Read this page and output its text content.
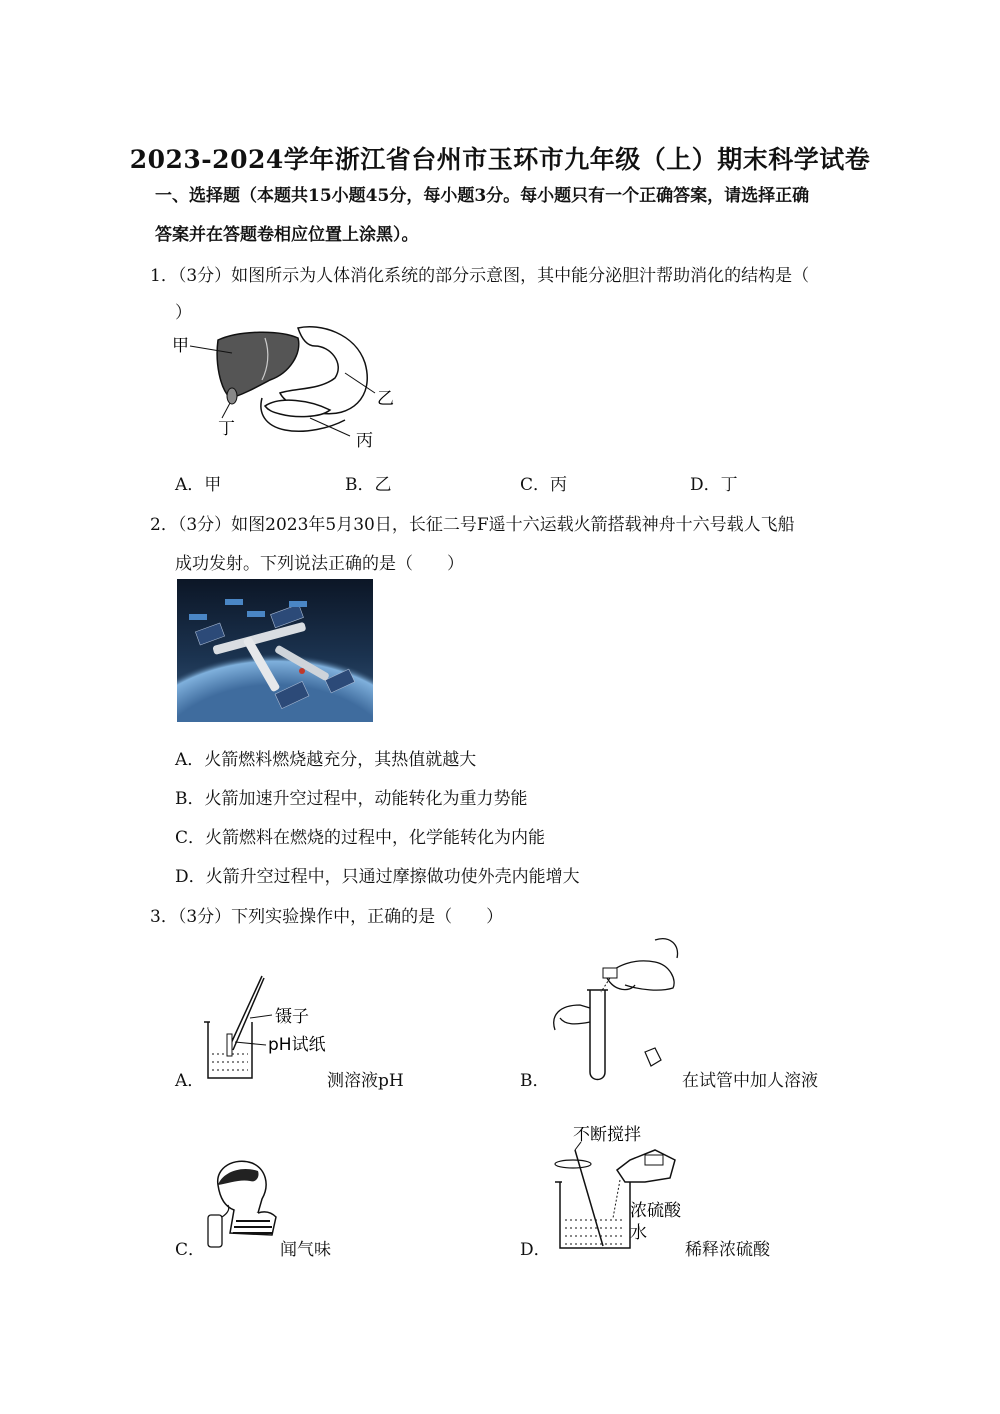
2023-2024学年浙江省台州市玉环市九年级（上）期末科学试卷
一、选择题（本题共15小题45分，每小题3分。每小题只有一个正确答案，请选择正确
答案并在答题卷相应位置上涂黑）。
1．（3分）如图所示为人体消化系统的部分示意图，其中能分泌胆汁帮助消化的结构是（
）
甲
乙
丙
丁
A．甲	B．乙	C．丙	D．丁
2．（3分）如图2023年5月30日，长征二号F遥十六运载火箭搭载神舟十六号载人飞船
成功发射。下列说法正确的是（　　）
A．火箭燃料燃烧越充分，其热值就越大
B．火箭加速升空过程中，动能转化为重力势能
C．火箭燃料在燃烧的过程中，化学能转化为内能
D．火箭升空过程中，只通过摩擦做功使外壳内能增大
3．（3分）下列实验操作中，正确的是（　　）
A．
镊子
pH试纸
测溶液pH	B．	在试管中加人溶液
C．	闻气味	D．
不断搅拌
浓硫酸
水
稀释浓硫酸
